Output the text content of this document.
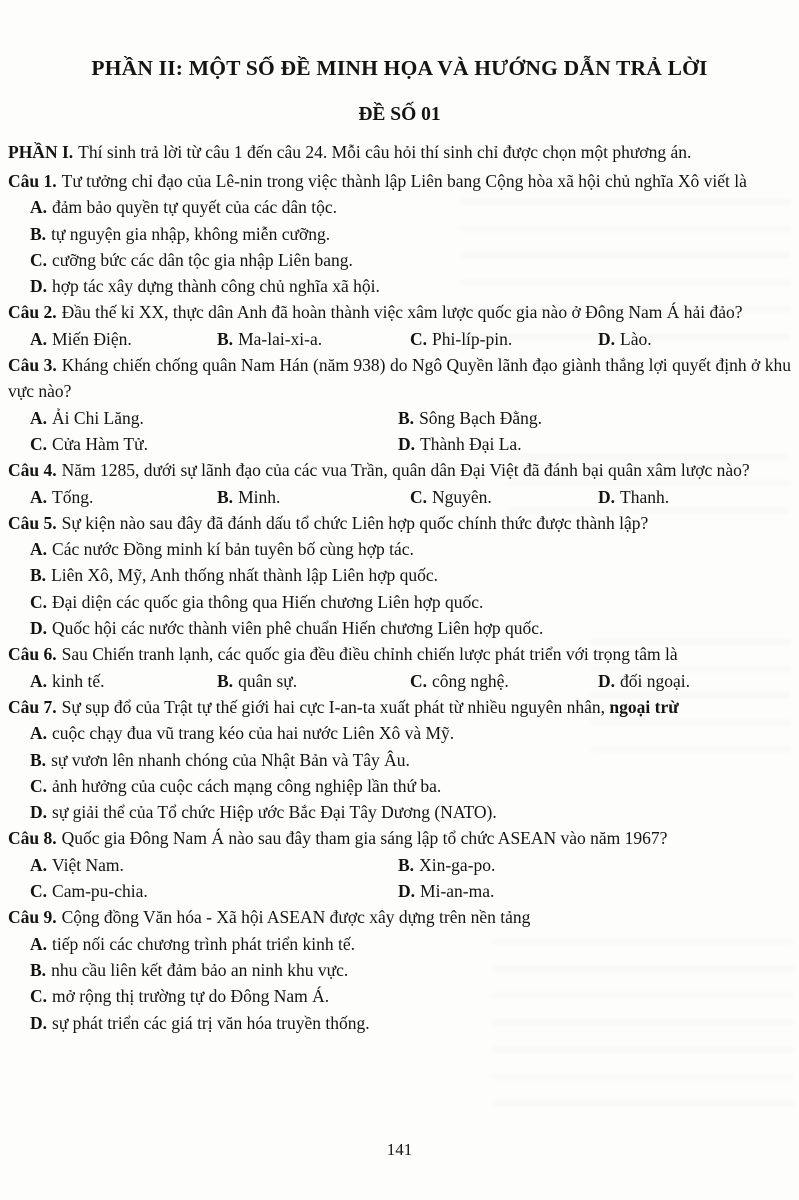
PHẦN II: MỘT SỐ ĐỀ MINH HỌA VÀ HƯỚNG DẪN TRẢ LỜI
ĐỀ SỐ 01

PHẦN I. Thí sinh trả lời từ câu 1 đến câu 24. Mỗi câu hỏi thí sinh chỉ được chọn một phương án.

Câu 1. Tư tưởng chỉ đạo của Lê-nin trong việc thành lập Liên bang Cộng hòa xã hội chủ nghĩa Xô viết là

A. đảm bảo quyền tự quyết của các dân tộc.
B. tự nguyện gia nhập, không miễn cưỡng.
C. cưỡng bức các dân tộc gia nhập Liên bang.
D. hợp tác xây dựng thành công chủ nghĩa xã hội.

Câu 2. Đầu thế kỉ XX, thực dân Anh đã hoàn thành việc xâm lược quốc gia nào ở Đông Nam Á hải đảo?

A. Miến Điện.	B. Ma-lai-xi-a.	C. Phi-líp-pin.	D. Lào.

Câu 3. Kháng chiến chống quân Nam Hán (năm 938) do Ngô Quyền lãnh đạo giành thắng lợi quyết định ở khu vực nào?

A. Ải Chi Lăng.	B. Sông Bạch Đằng.
C. Cửa Hàm Tử.	D. Thành Đại La.

Câu 4. Năm 1285, dưới sự lãnh đạo của các vua Trần, quân dân Đại Việt đã đánh bại quân xâm lược nào?

A. Tống.	B. Minh.	C. Nguyên.	D. Thanh.

Câu 5. Sự kiện nào sau đây đã đánh dấu tổ chức Liên hợp quốc chính thức được thành lập?

A. Các nước Đồng minh kí bản tuyên bố cùng hợp tác.
B. Liên Xô, Mỹ, Anh thống nhất thành lập Liên hợp quốc.
C. Đại diện các quốc gia thông qua Hiến chương Liên hợp quốc.
D. Quốc hội các nước thành viên phê chuẩn Hiến chương Liên hợp quốc.

Câu 6. Sau Chiến tranh lạnh, các quốc gia đều điều chỉnh chiến lược phát triển với trọng tâm là

A. kinh tế.	B. quân sự.	C. công nghệ.	D. đối ngoại.

Câu 7. Sự sụp đổ của Trật tự thế giới hai cực I-an-ta xuất phát từ nhiều nguyên nhân, ngoại trừ

A. cuộc chạy đua vũ trang kéo của hai nước Liên Xô và Mỹ.
B. sự vươn lên nhanh chóng của Nhật Bản và Tây Âu.
C. ảnh hưởng của cuộc cách mạng công nghiệp lần thứ ba.
D. sự giải thể của Tổ chức Hiệp ước Bắc Đại Tây Dương (NATO).

Câu 8. Quốc gia Đông Nam Á nào sau đây tham gia sáng lập tổ chức ASEAN vào năm 1967?

A. Việt Nam.	B. Xin-ga-po.
C. Cam-pu-chia.	D. Mi-an-ma.

Câu 9. Cộng đồng Văn hóa - Xã hội ASEAN được xây dựng trên nền tảng

A. tiếp nối các chương trình phát triển kinh tế.
B. nhu cầu liên kết đảm bảo an ninh khu vực.
C. mở rộng thị trường tự do Đông Nam Á.
D. sự phát triển các giá trị văn hóa truyền thống.
141
